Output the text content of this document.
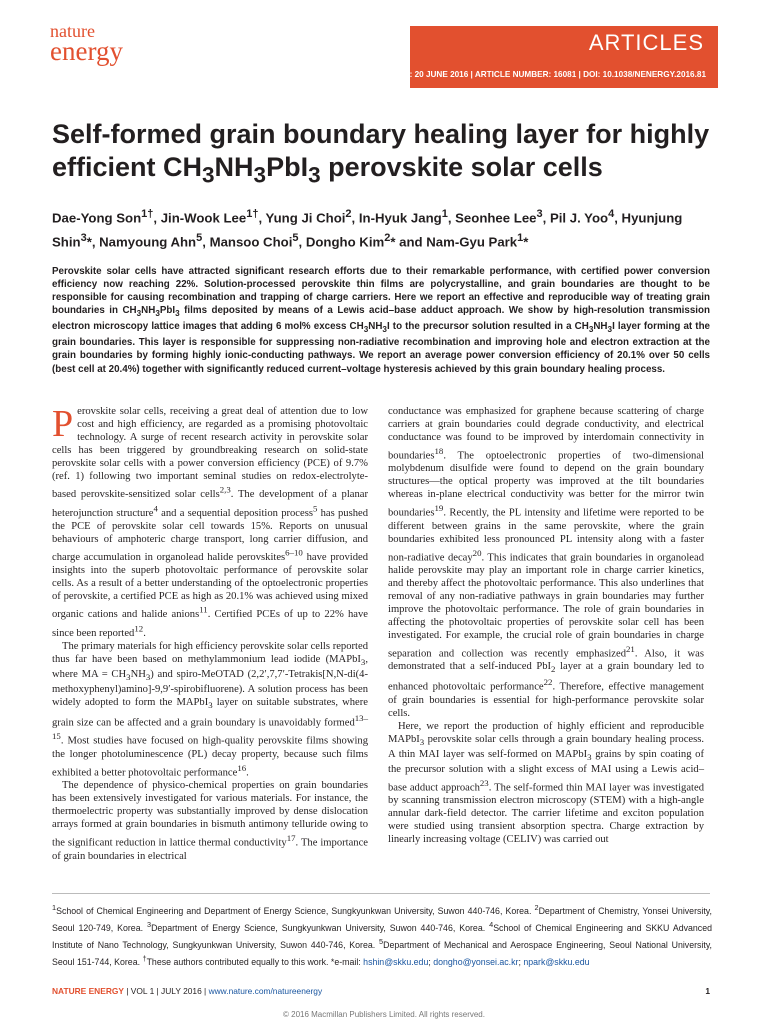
nature
energy	ARTICLES
PUBLISHED: 20 JUNE 2016 | ARTICLE NUMBER: 16081 | DOI: 10.1038/NENERGY.2016.81
Self-formed grain boundary healing layer for highly efficient $CH_3NH_3PbI_3$ perovskite solar cells
Dae-Yong Son$^{1\dagger}$, Jin-Wook Lee$^{1\dagger}$, Yung Ji Choi$^2$, In-Hyuk Jang$^1$, Seonhee Lee$^3$, Pil J. Yoo$^4$, Hyunjung Shin$^3$*, Namyoung Ahn$^5$, Mansoo Choi$^5$, Dongho Kim$^2$* and Nam-Gyu Park$^1$*
Perovskite solar cells have attracted significant research efforts due to their remarkable performance, with certified power conversion efficiency now reaching 22%. Solution-processed perovskite thin films are polycrystalline, and grain boundaries are thought to be responsible for causing recombination and trapping of charge carriers. Here we report an effective and reproducible way of treating grain boundaries in $CH_3NH_3PbI_3$ films deposited by means of a Lewis acid–base adduct approach. We show by high-resolution transmission electron microscopy lattice images that adding 6 mol% excess $CH_3NH_3I$ to the precursor solution resulted in a $CH_3NH_3I$ layer forming at the grain boundaries. This layer is responsible for suppressing non-radiative recombination and improving hole and electron extraction at the grain boundaries by forming highly ionic-conducting pathways. We report an average power conversion efficiency of 20.1% over 50 cells (best cell at 20.4%) together with significantly reduced current–voltage hysteresis achieved by this grain boundary healing process.

Perovskite solar cells, receiving a great deal of attention due to low cost and high efficiency, are regarded as a promising photovoltaic technology. A surge of recent research activity in perovskite solar cells has been triggered by groundbreaking research on solid-state perovskite solar cells with a power conversion efficiency (PCE) of 9.7% (ref. 1) following two important seminal studies on redox-electrolyte-based perovskite-sensitized solar cells$^{2,3}$. The development of a planar heterojunction structure$^4$ and a sequential deposition process$^5$ has pushed the PCE of perovskite solar cell towards 15%. Reports on unusual behaviours of amphoteric charge transport, long carrier diffusion, and charge accumulation in organolead halide perovskites$^{6-10}$ have provided insights into the superb photovoltaic performance of perovskite solar cells. As a result of a better understanding of the optoelectronic properties of perovskite, a certified PCE as high as 20.1% was achieved using mixed organic cations and halide anions$^{11}$. Certified PCEs of up to 22% have since been reported$^{12}$.

The primary materials for high efficiency perovskite solar cells reported thus far have been based on methylammonium lead iodide (MAPbI$_3$, where MA = $CH_3NH_3$) and spiro-MeOTAD (2,2′,7,7′-Tetrakis[N,N-di(4-methoxyphenyl)amino]-9,9′-spirobifluorene). A solution process has been widely adopted to form the MAPbI$_3$ layer on suitable substrates, where grain size can be affected and a grain boundary is unavoidably formed$^{13-15}$. Most studies have focused on high-quality perovskite films showing the longer photoluminescence (PL) decay property, because such films exhibited a better photovoltaic performance$^{16}$.

The dependence of physico-chemical properties on grain boundaries has been extensively investigated for various materials. For instance, the thermoelectric property was substantially improved by dense dislocation arrays formed at grain boundaries in bismuth antimony telluride owing to the significant reduction in lattice thermal conductivity$^{17}$. The importance of grain boundaries in electrical

conductance was emphasized for graphene because scattering of charge carriers at grain boundaries could degrade conductivity, and electrical conductance was found to be improved by interdomain connectivity in boundaries$^{18}$. The optoelectronic properties of two-dimensional molybdenum disulfide were found to depend on the grain boundary structures—the optical property was improved at the tilt boundaries whereas in-plane electrical conductivity was better for the mirror twin boundaries$^{19}$. Recently, the PL intensity and lifetime were reported to be different between grains in the same perovskite, where the grain boundaries exhibited less pronounced PL intensity along with a faster non-radiative decay$^{20}$. This indicates that grain boundaries in organolead halide perovskite may play an important role in charge carrier kinetics, and thereby affect the photovoltaic performance. This also underlines that removal of any non-radiative pathways in grain boundaries may further improve the photovoltaic performance. The role of grain boundaries in affecting the photovoltaic properties of perovskite solar cell has been investigated. For example, the crucial role of grain boundaries in charge separation and collection was recently emphasized$^{21}$. Also, it was demonstrated that a self-induced PbI$_2$ layer at a grain boundary led to enhanced photovoltaic performance$^{22}$. Therefore, effective management of grain boundaries is essential for high-performance perovskite solar cells.

Here, we report the production of highly efficient and reproducible MAPbI$_3$ perovskite solar cells through a grain boundary healing process. A thin MAI layer was self-formed on MAPbI$_3$ grains by spin coating of the precursor solution with a slight excess of MAI using a Lewis acid–base adduct approach$^{23}$. The self-formed thin MAI layer was investigated by scanning transmission electron microscopy (STEM) with a high-angle annular dark-field detector. The carrier lifetime and exciton population were studied using transient absorption spectra. Charge extraction by linearly increasing voltage (CELIV) was carried out

$^1$School of Chemical Engineering and Department of Energy Science, Sungkyunkwan University, Suwon 440-746, Korea. $^2$Department of Chemistry, Yonsei University, Seoul 120-749, Korea. $^3$Department of Energy Science, Sungkyunkwan University, Suwon 440-746, Korea. $^4$School of Chemical Engineering and SKKU Advanced Institute of Nano Technology, Sungkyunkwan University, Suwon 440-746, Korea. $^5$Department of Mechanical and Aerospace Engineering, Seoul National University, Seoul 151-744, Korea. †These authors contributed equally to this work. *e-mail: hshin@skku.edu; dongho@yonsei.ac.kr; npark@skku.edu
NATURE ENERGY | VOL 1 | JULY 2016 | www.nature.com/natureenergy	1
© 2016 Macmillan Publishers Limited. All rights reserved.
